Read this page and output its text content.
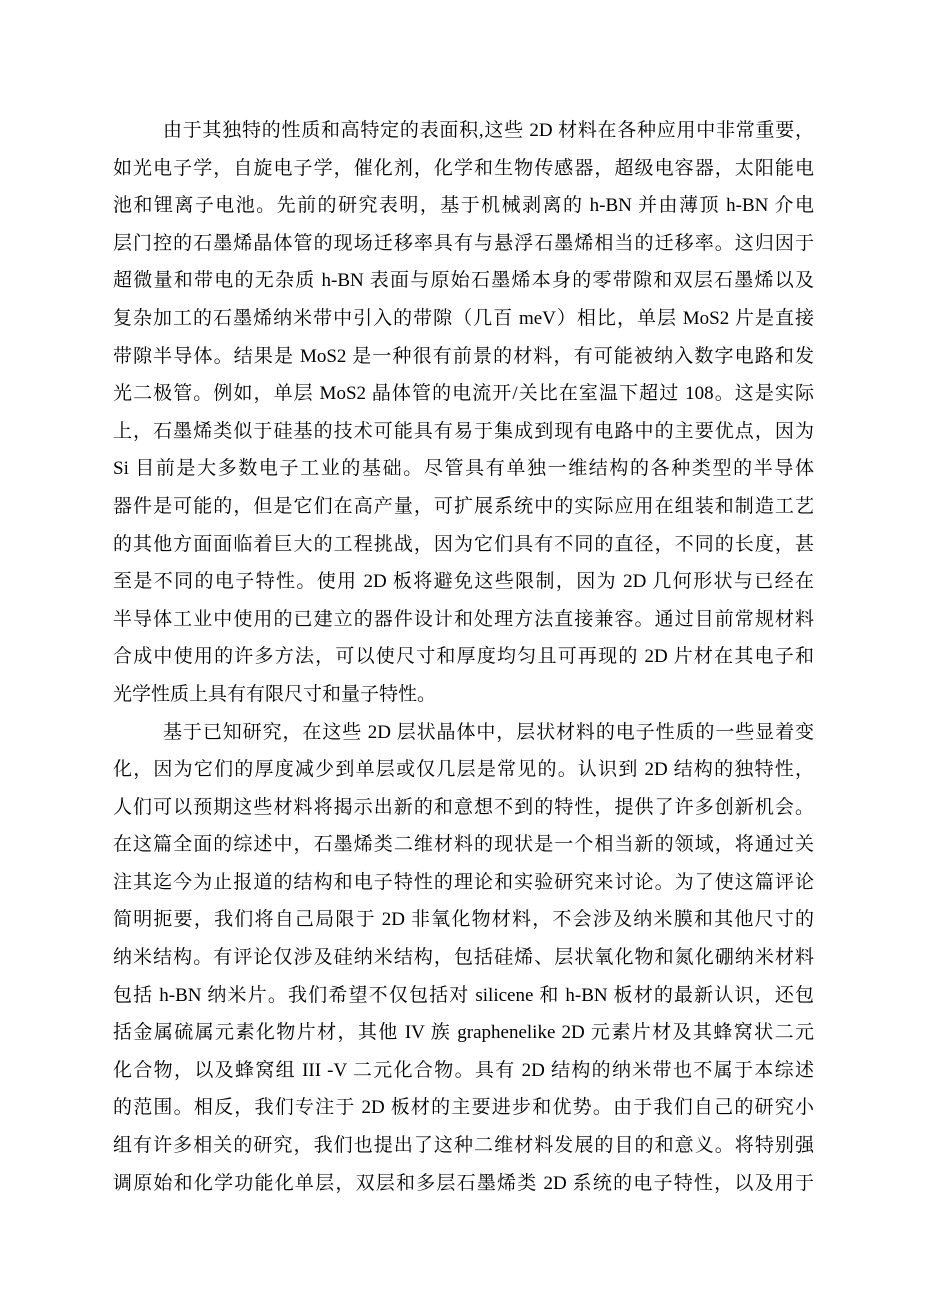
由于其独特的性质和高特定的表面积,这些 2D 材料在各种应用中非常重要，
如光电子学，自旋电子学，催化剂，化学和生物传感器，超级电容器，太阳能电
池和锂离子电池。先前的研究表明，基于机械剥离的 h-BN 并由薄顶 h-BN 介电
层门控的石墨烯晶体管的现场迁移率具有与悬浮石墨烯相当的迁移率。这归因于
超微量和带电的无杂质 h-BN 表面与原始石墨烯本身的零带隙和双层石墨烯以及
复杂加工的石墨烯纳米带中引入的带隙（几百 meV）相比，单层 MoS2 片是直接
带隙半导体。结果是 MoS2 是一种很有前景的材料，有可能被纳入数字电路和发
光二极管。例如，单层 MoS2 晶体管的电流开/关比在室温下超过 108。这是实际
上，石墨烯类似于硅基的技术可能具有易于集成到现有电路中的主要优点，因为
Si 目前是大多数电子工业的基础。尽管具有单独一维结构的各种类型的半导体
器件是可能的，但是它们在高产量，可扩展系统中的实际应用在组装和制造工艺
的其他方面面临着巨大的工程挑战，因为它们具有不同的直径，不同的长度，甚
至是不同的电子特性。使用 2D 板将避免这些限制，因为 2D 几何形状与已经在
半导体工业中使用的已建立的器件设计和处理方法直接兼容。通过目前常规材料
合成中使用的许多方法，可以使尺寸和厚度均匀且可再现的 2D 片材在其电子和
光学性质上具有有限尺寸和量子特性。
基于已知研究，在这些 2D 层状晶体中，层状材料的电子性质的一些显着变
化，因为它们的厚度减少到单层或仅几层是常见的。认识到 2D 结构的独特性，
人们可以预期这些材料将揭示出新的和意想不到的特性，提供了许多创新机会。
在这篇全面的综述中，石墨烯类二维材料的现状是一个相当新的领域，将通过关
注其迄今为止报道的结构和电子特性的理论和实验研究来讨论。为了使这篇评论
简明扼要，我们将自己局限于 2D 非氧化物材料，不会涉及纳米膜和其他尺寸的
纳米结构。有评论仅涉及硅纳米结构，包括硅烯、层状氧化物和氮化硼纳米材料
包括 h-BN 纳米片。我们希望不仅包括对 silicene 和 h-BN 板材的最新认识，还包
括金属硫属元素化物片材，其他 IV 族 graphenelike 2D 元素片材及其蜂窝状二元
化合物，以及蜂窝组 III -V 二元化合物。具有 2D 结构的纳米带也不属于本综述
的范围。相反，我们专注于 2D 板材的主要进步和优势。由于我们自己的研究小
组有许多相关的研究，我们也提出了这种二维材料发展的目的和意义。将特别强
调原始和化学功能化单层，双层和多层石墨烯类 2D 系统的电子特性，以及用于
